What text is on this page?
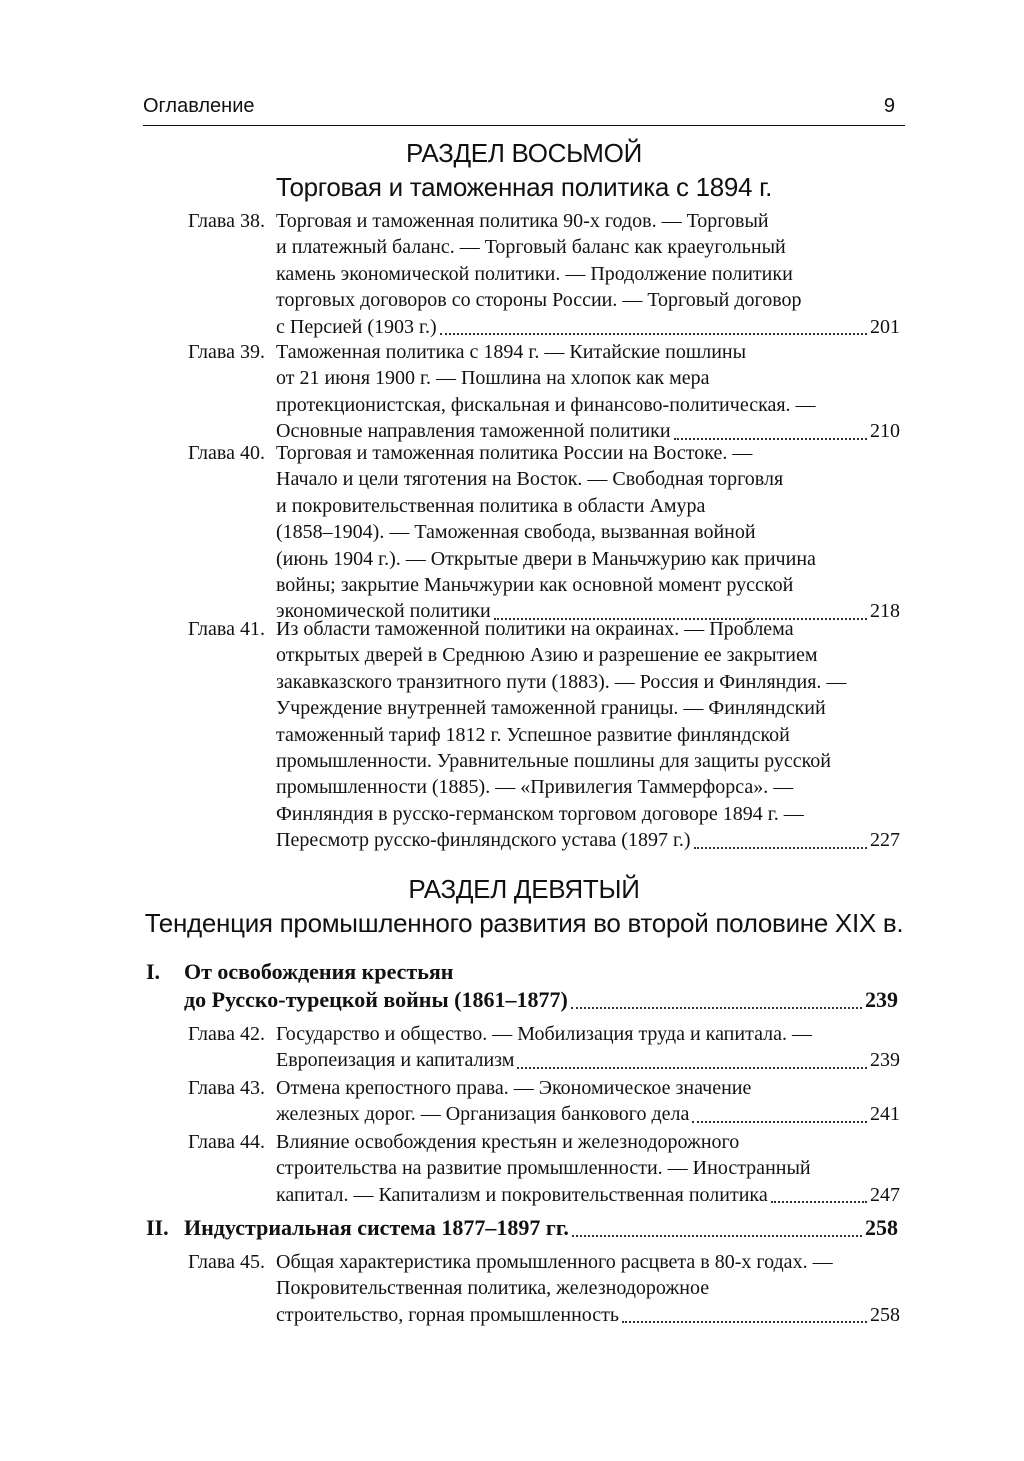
Оглавление	9
РАЗДЕЛ ВОСЬМОЙ
Торговая и таможенная политика с 1894 г.
РАЗДЕЛ ДЕВЯТЫЙ
Тенденция промышленного развития во второй половине XIX в.
Глава 38. Торговая и таможенная политика 90-х годов. — Торговый
и платежный баланс. — Торговый баланс как краеугольный
камень экономической политики. — Продолжение политики
торговых договоров со стороны России. — Торговый договор
с Персией (1903 г.)	201
Глава 39. Таможенная политика с 1894 г. — Китайские пошлины
от 21 июня 1900 г. — Пошлина на хлопок как мера
протекционистская, фискальная и финансово-политическая. —
Основные направления таможенной политики	210
Глава 40. Торговая и таможенная политика России на Востоке. —
Начало и цели тяготения на Восток. — Свободная торговля
и покровительственная политика в области Амура
(1858–1904). — Таможенная свобода, вызванная войной
(июнь 1904 г.). — Открытые двери в Маньчжурию как причина
войны; закрытие Маньчжурии как основной момент русской
экономической политики	218
Глава 41. Из области таможенной политики на окраинах. — Проблема
открытых дверей в Среднюю Азию и разрешение ее закрытием
закавказского транзитного пути (1883). — Россия и Финляндия. —
Учреждение внутренней таможенной границы. — Финляндский
таможенный тариф 1812 г. Успешное развитие финляндской
промышленности. Уравнительные пошлины для защиты русской
промышленности (1885). — «Привилегия Таммерфорса». —
Финляндия в русско-германском торговом договоре 1894 г. —
Пересмотр русско-финляндского устава (1897 г.)	227
I. От освобождения крестьян
до Русско-турецкой войны (1861–1877)	239
Глава 42. Государство и общество. — Мобилизация труда и капитала. —
Европеизация и капитализм	239
Глава 43. Отмена крепостного права. — Экономическое значение
железных дорог. — Организация банкового дела	241
Глава 44. Влияние освобождения крестьян и железнодорожного
строительства на развитие промышленности. — Иностранный
капитал. — Капитализм и покровительственная политика	247
II. Индустриальная система 1877–1897 гг.	258
Глава 45. Общая характеристика промышленного расцвета в 80-х годах. —
Покровительственная политика, железнодорожное
строительство, горная промышленность	258
